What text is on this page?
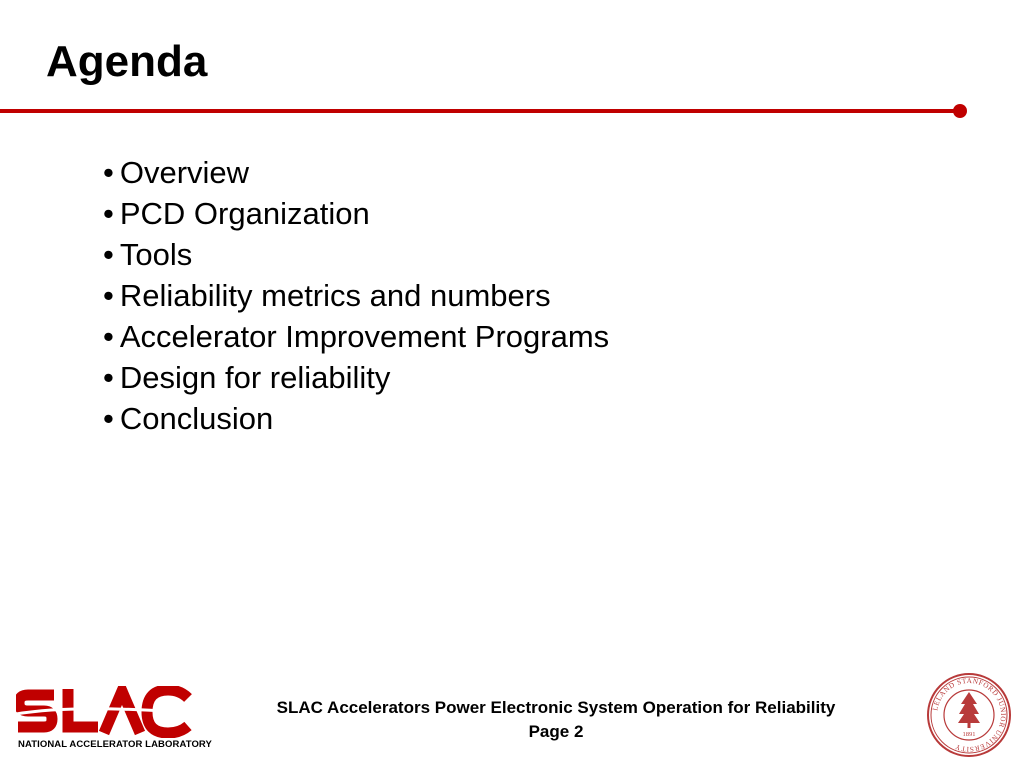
Agenda
• Overview
• PCD Organization
• Tools
• Reliability metrics and numbers
• Accelerator Improvement Programs
• Design for reliability
• Conclusion
NATIONAL ACCELERATOR LABORATORY
SLAC Accelerators Power Electronic System Operation for Reliability
Page 2
LELAND STANFORD JUNIOR UNIVERSITY
1891
